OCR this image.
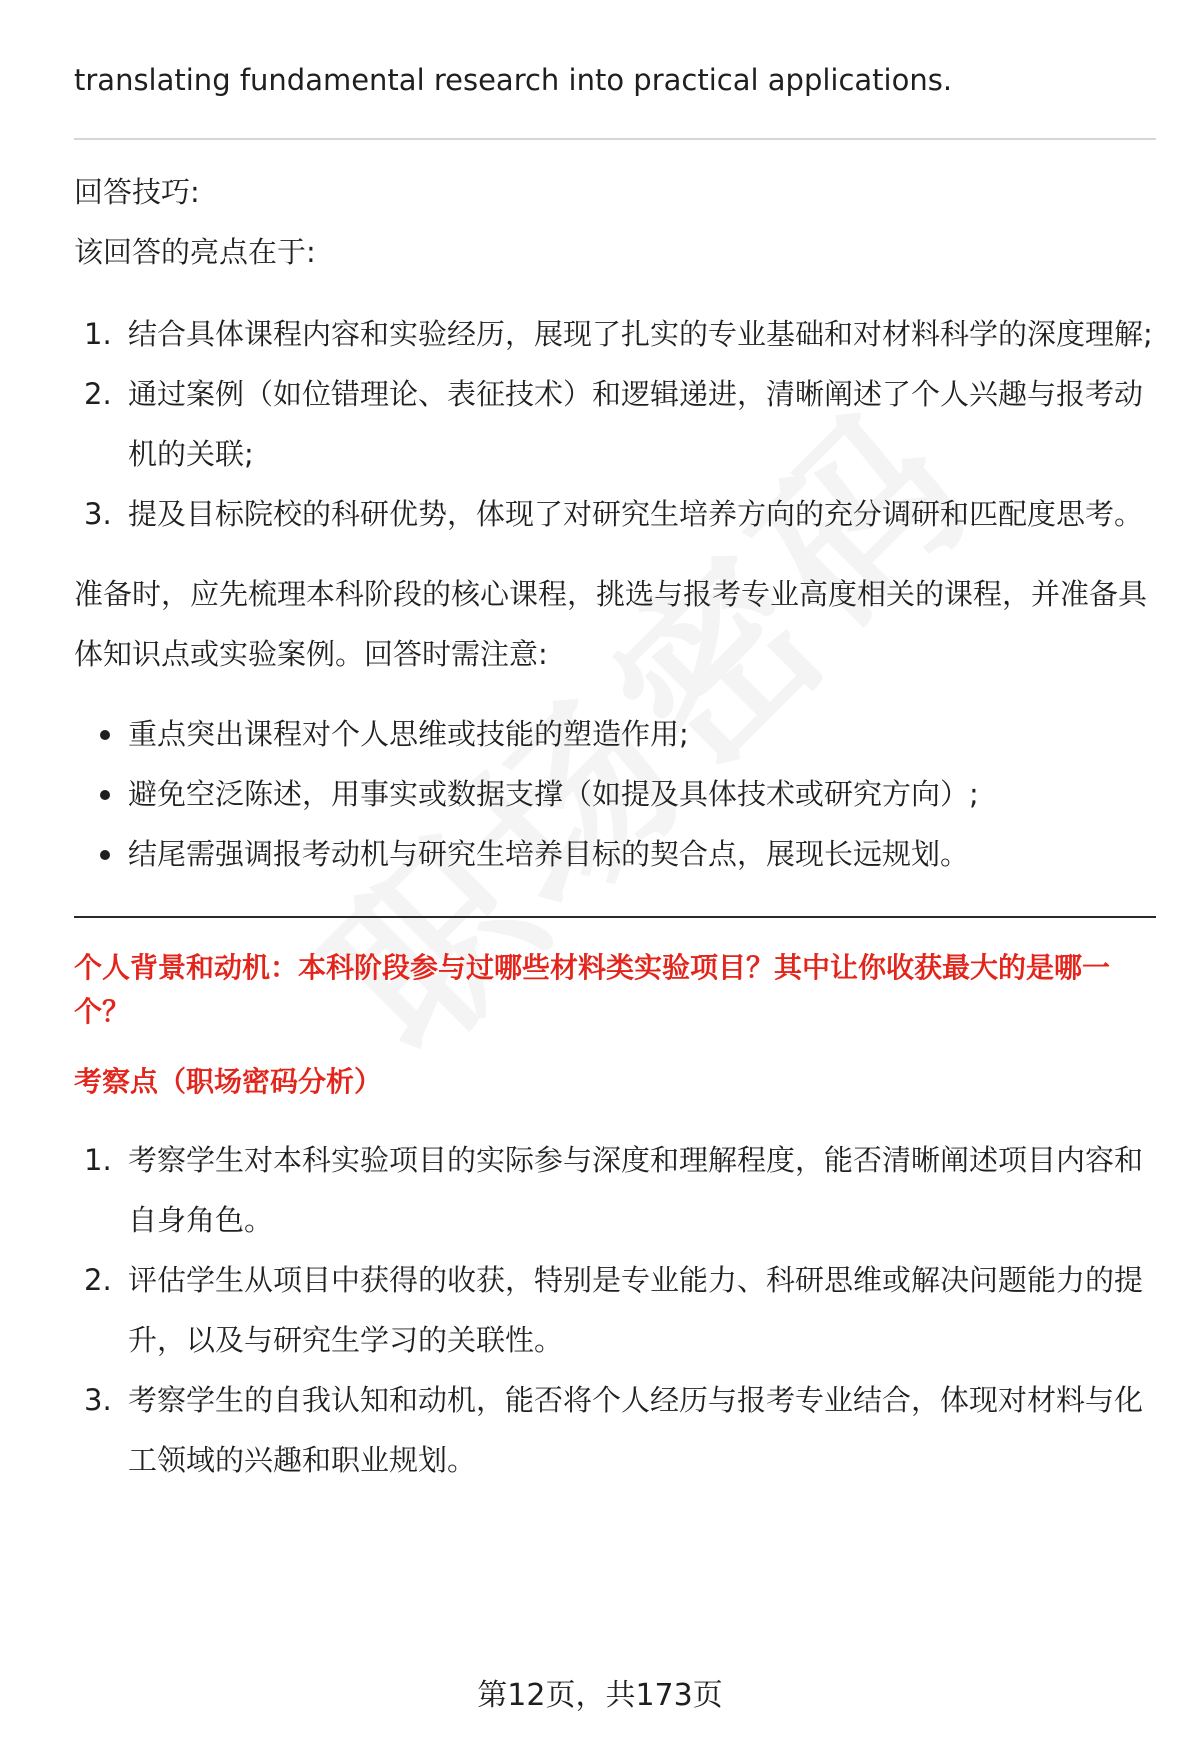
translating fundamental research into practical applications.

回答技巧:

该回答的亮点在于:

1. 结合具体课程内容和实验经历，展现了扎实的专业基础和对材料科学的深度理解;
2. 通过案例（如位错理论、表征技术）和逻辑递进，清晰阐述了个人兴趣与报考动机的关联;
3. 提及目标院校的科研优势，体现了对研究生培养方向的充分调研和匹配度思考。

准备时，应先梳理本科阶段的核心课程，挑选与报考专业高度相关的课程，并准备具体知识点或实验案例。回答时需注意:

重点突出课程对个人思维或技能的塑造作用;
避免空泛陈述，用事实或数据支撑（如提及具体技术或研究方向）;
结尾需强调报考动机与研究生培养目标的契合点，展现长远规划。

个人背景和动机：本科阶段参与过哪些材料类实验项目？其中让你收获最大的是哪一个？

考察点（职场密码分析）

1. 考察学生对本科实验项目的实际参与深度和理解程度，能否清晰阐述项目内容和自身角色。
2. 评估学生从项目中获得的收获，特别是专业能力、科研思维或解决问题能力的提升，以及与研究生学习的关联性。
3. 考察学生的自我认知和动机，能否将个人经历与报考专业结合，体现对材料与化工领域的兴趣和职业规划。
第12页，共173页
